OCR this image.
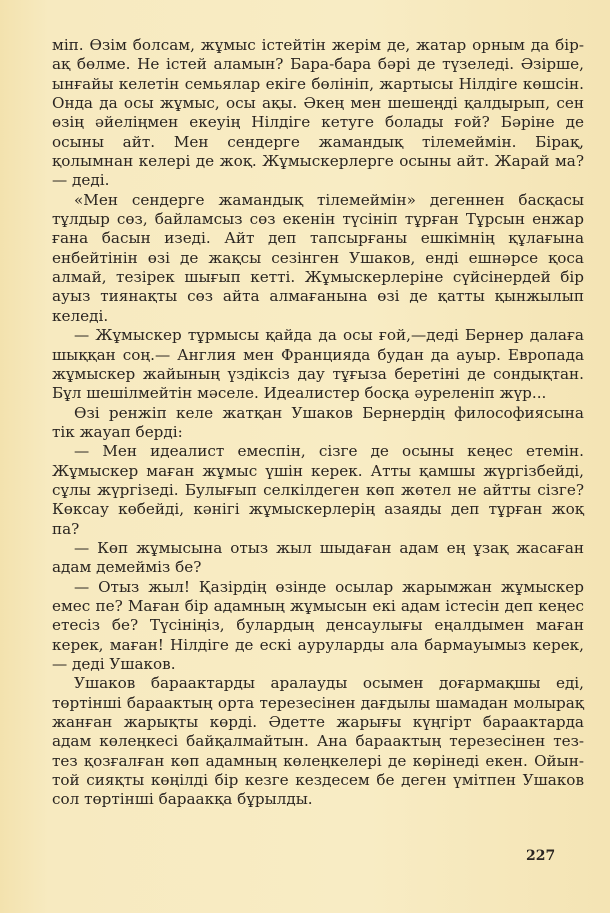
міп. Өзім болсам, жұмыс істейтін жерім де, жатар орным да бір-ақ бөлме. Не істей аламын? Бара-бара бәрі де түзеледі. Әзірше, ынғайы келетін семьялар екіге бөлініп, жартысы Нілдіге көшсін. Онда да осы жұмыс, осы ақы. Әкең мен шешеңді қалдырып, сен өзің әйеліңмен екеуің Нілдіге кетуге болады ғой? Бәріне де осыны айт. Мен сендерге жамандық тілемеймін. Бірақ, қолымнан келері де жоқ. Жұмыскерлерге осыны айт. Жарай ма? — деді.

«Мен сендерге жамандық тілемеймін» дегеннен басқасы тұлдыр сөз, байламсыз сөз екенін түсініп тұрған Тұрсын енжар ғана басын изеді. Айт деп тапсырғаны ешкімнің құлағына енбейтінін өзі де жақсы сезінген Ушаков, енді ешнәрсе қоса алмай, тезірек шығып кетті. Жұмыскерлеріне сүйсінердей бір ауыз тиянақты сөз айта алмағанына өзі де қатты қынжылып келеді.

— Жұмыскер тұрмысы қайда да осы ғой,—деді Бернер далаға шыққан соң.— Англия мен Францияда будан да ауыр. Европада жұмыскер жайының үздіксіз дау тұғыза беретіні де сондықтан. Бұл шешілмейтін мәселе. Идеалистер босқа әуреленіп жүр...

Өзі ренжіп келе жатқан Ушаков Бернердің философиясына тік жауап берді:

— Мен идеалист емеспін, сізге де осыны кеңес етемін. Жұмыскер маған жұмыс үшін керек. Атты қамшы жүргізбейді, сұлы жүргізеді. Булығып селкілдеген көп жөтел не айтты сізге? Көксау көбейді, кәнігі жұмыскерлерің азаяды деп тұрған жоқ па?

— Көп жұмысына отыз жыл шыдаған адам ең ұзақ жасаған адам демейміз бе?

— Отыз жыл! Қазірдің өзінде осылар жарымжан жұмыскер емес пе? Маған бір адамның жұмысын екі адам істесін деп кеңес етесіз бе? Түсініңіз, булардың денсаулығы еңалдымен маған керек, маған! Нілдіге де ескі ауруларды ала бармауымыз керек,— деді Ушаков.

Ушаков бараактарды аралауды осымен доғармақшы еді, төртінші бараактың орта терезесінен дағдылы шамадан молырақ жанған жарықты көрді. Әдетте жарығы күңгірт бараактарда адам көлеңкесі байқалмайтын. Ана бараактың терезесінен тез-тез қозғалған көп адамның көлеңкелері де көрінеді екен. Ойын-той сияқты көңілді бір кезге кездесем бе деген үмітпен Ушаков сол төртінші бараакқа бұрылды.

227
